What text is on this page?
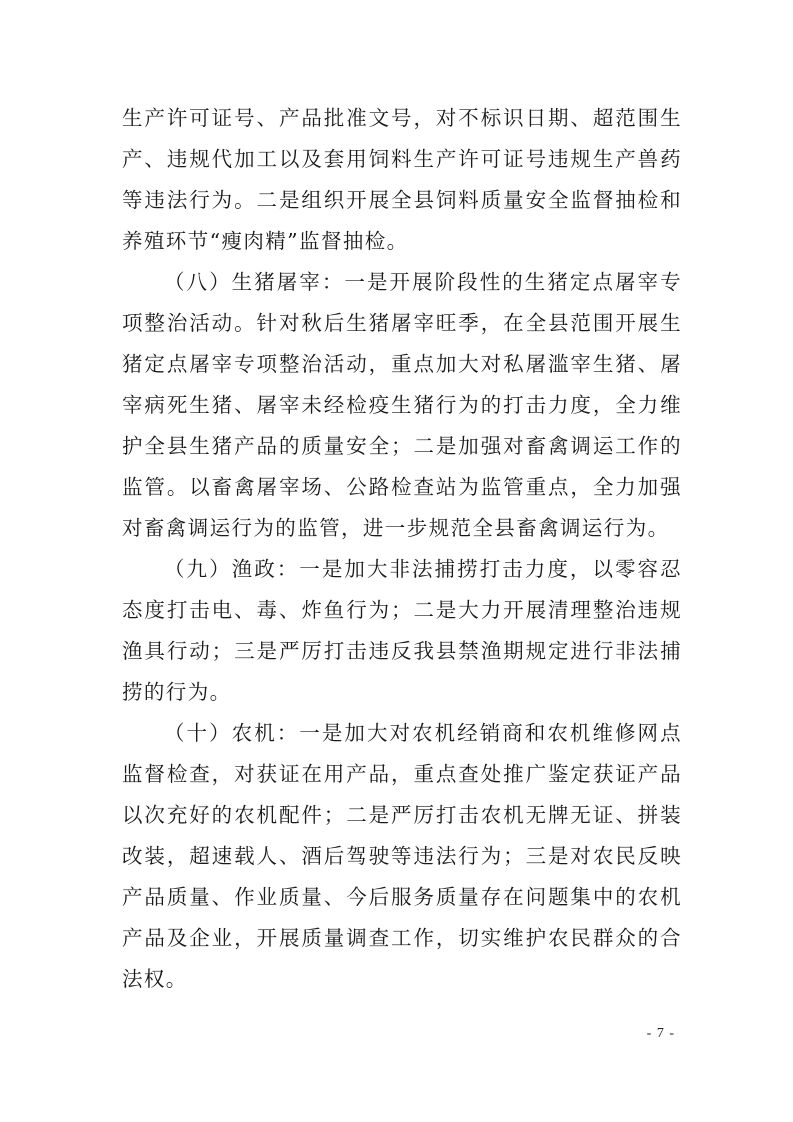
生产许可证号、产品批准文号，对不标识日期、超范围生产、违规代加工以及套用饲料生产许可证号违规生产兽药等违法行为。二是组织开展全县饲料质量安全监督抽检和养殖环节“瘦肉精”监督抽检。

（八）生猪屠宰：一是开展阶段性的生猪定点屠宰专项整治活动。针对秋后生猪屠宰旺季，在全县范围开展生猪定点屠宰专项整治活动，重点加大对私屠滥宰生猪、屠宰病死生猪、屠宰未经检疫生猪行为的打击力度，全力维护全县生猪产品的质量安全；二是加强对畜禽调运工作的监管。以畜禽屠宰场、公路检查站为监管重点，全力加强对畜禽调运行为的监管，进一步规范全县畜禽调运行为。

（九）渔政：一是加大非法捕捞打击力度，以零容忍态度打击电、毒、炸鱼行为；二是大力开展清理整治违规渔具行动；三是严厉打击违反我县禁渔期规定进行非法捕捞的行为。

（十）农机：一是加大对农机经销商和农机维修网点监督检查，对获证在用产品，重点查处推广鉴定获证产品以次充好的农机配件；二是严厉打击农机无牌无证、拼装改装，超速载人、酒后驾驶等违法行为；三是对农民反映产品质量、作业质量、今后服务质量存在问题集中的农机产品及企业，开展质量调查工作，切实维护农民群众的合法权。

- 7 -
